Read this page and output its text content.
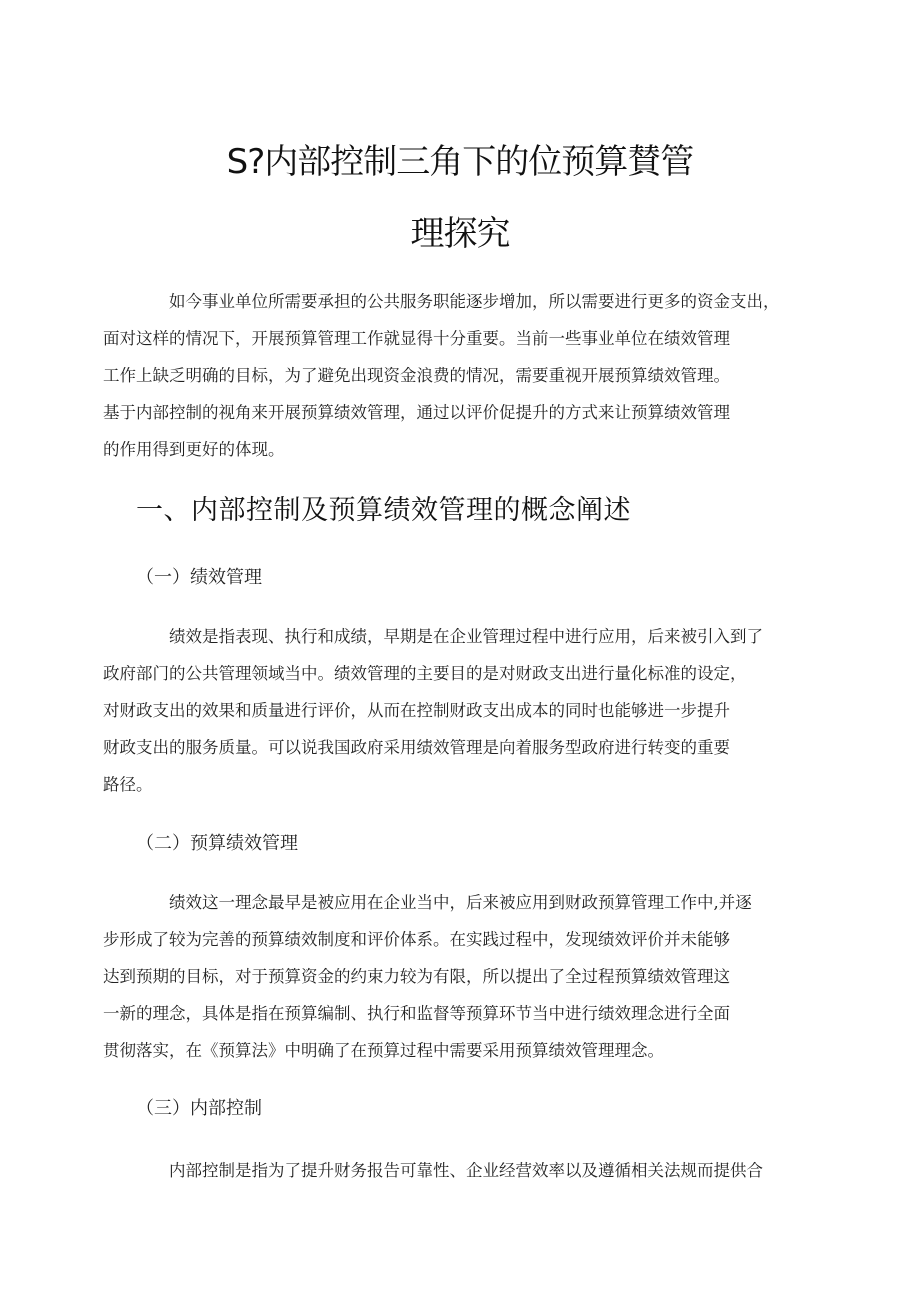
S?内部控制三角下的位预算賛管
理探究

如今事业单位所需要承担的公共服务职能逐步增加，所以需要进行更多的资金支出，
面对这样的情况下，开展预算管理工作就显得十分重要。当前一些事业单位在绩效管理
工作上缺乏明确的目标，为了避免出现资金浪费的情况，需要重视开展预算绩效管理。
基于内部控制的视角来开展预算绩效管理，通过以评价促提升的方式来让预算绩效管理
的作用得到更好的体现。

一、内部控制及预算绩效管理的概念阐述
（一）绩效管理

绩效是指表现、执行和成绩，早期是在企业管理过程中进行应用，后来被引入到了
政府部门的公共管理领域当中。绩效管理的主要目的是对财政支出进行量化标准的设定，
对财政支出的效果和质量进行评价，从而在控制财政支出成本的同时也能够进一步提升
财政支出的服务质量。可以说我国政府采用绩效管理是向着服务型政府进行转变的重要
路径。

（二）预算绩效管理

绩效这一理念最早是被应用在企业当中，后来被应用到财政预算管理工作中,并逐
步形成了较为完善的预算绩效制度和评价体系。在实践过程中，发现绩效评价并未能够
达到预期的目标，对于预算资金的约束力较为有限，所以提出了全过程预算绩效管理这
一新的理念，具体是指在预算编制、执行和监督等预算环节当中进行绩效理念进行全面
贯彻落实，在《预算法》中明确了在预算过程中需要采用预算绩效管理理念。

（三）内部控制

内部控制是指为了提升财务报告可靠性、企业经营效率以及遵循相关法规而提供合
